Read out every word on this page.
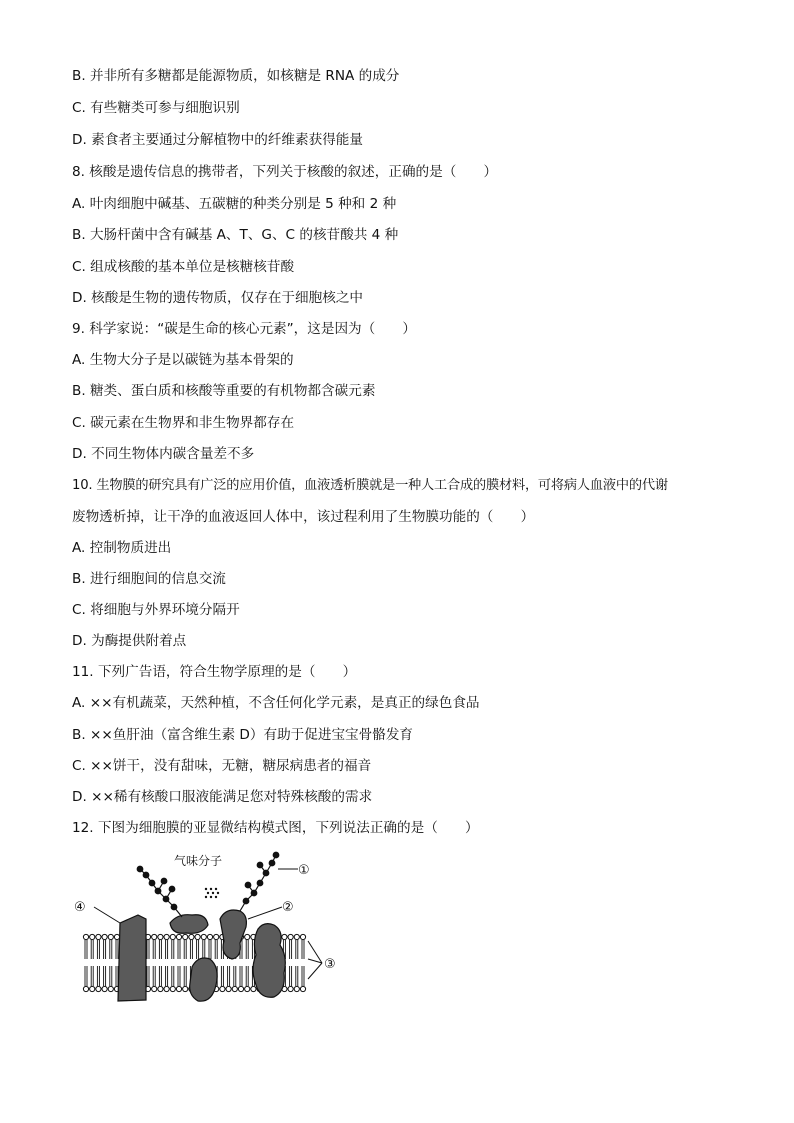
B. 并非所有多糖都是能源物质，如核糖是 RNA 的成分
C. 有些糖类可参与细胞识别
D. 素食者主要通过分解植物中的纤维素获得能量
8. 核酸是遗传信息的携带者，下列关于核酸的叙述，正确的是（　　）
A. 叶肉细胞中碱基、五碳糖的种类分别是 5 种和 2 种
B. 大肠杆菌中含有碱基 A、T、G、C 的核苷酸共 4 种
C. 组成核酸的基本单位是核糖核苷酸
D. 核酸是生物的遗传物质，仅存在于细胞核之中
9. 科学家说：“碳是生命的核心元素”，这是因为（　　）
A. 生物大分子是以碳链为基本骨架的
B. 糖类、蛋白质和核酸等重要的有机物都含碳元素
C. 碳元素在生物界和非生物界都存在
D. 不同生物体内碳含量差不多
10. 生物膜的研究具有广泛的应用价值，血液透析膜就是一种人工合成的膜材料，可将病人血液中的代谢
废物透析掉，让干净的血液返回人体中，该过程利用了生物膜功能的（　　）
A. 控制物质进出
B. 进行细胞间的信息交流
C. 将细胞与外界环境分隔开
D. 为酶提供附着点
11. 下列广告语，符合生物学原理的是（　　）
A. ××有机蔬菜，天然种植，不含任何化学元素，是真正的绿色食品
B. ××鱼肝油（富含维生素 D）有助于促进宝宝骨骼发育
C. ××饼干，没有甜味，无糖，糖尿病患者的福音
D. ××稀有核酸口服液能满足您对特殊核酸的需求
12. 下图为细胞膜的亚显微结构模式图，下列说法正确的是（　　）
气味分子
①
②
③
④
